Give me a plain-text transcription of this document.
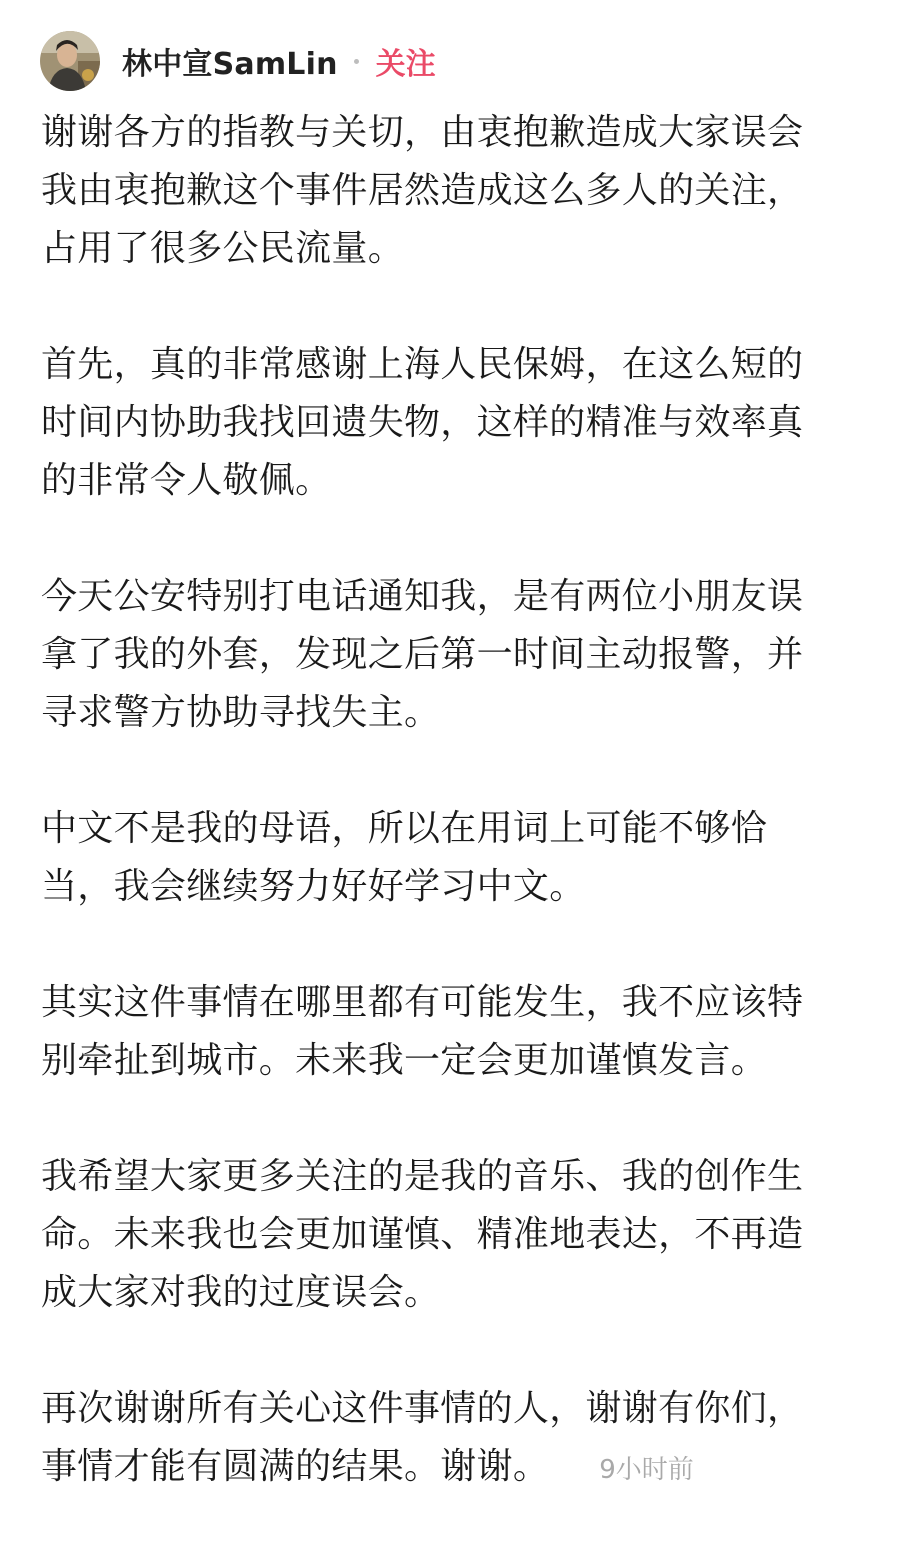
林中宣SamLin 关注
谢谢各方的指教与关切，由衷抱歉造成大家误会
我由衷抱歉这个事件居然造成这么多人的关注，
占用了很多公民流量。
首先，真的非常感谢上海人民保姆，在这么短的
时间内协助我找回遗失物，这样的精准与效率真
的非常令人敬佩。
今天公安特别打电话通知我，是有两位小朋友误
拿了我的外套，发现之后第一时间主动报警，并
寻求警方协助寻找失主。
中文不是我的母语，所以在用词上可能不够恰
当，我会继续努力好好学习中文。
其实这件事情在哪里都有可能发生，我不应该特
别牵扯到城市。未来我一定会更加谨慎发言。
我希望大家更多关注的是我的音乐、我的创作生
命。未来我也会更加谨慎、精准地表达，不再造
成大家对我的过度误会。
再次谢谢所有关心这件事情的人，谢谢有你们，
事情才能有圆满的结果。谢谢。 9小时前
